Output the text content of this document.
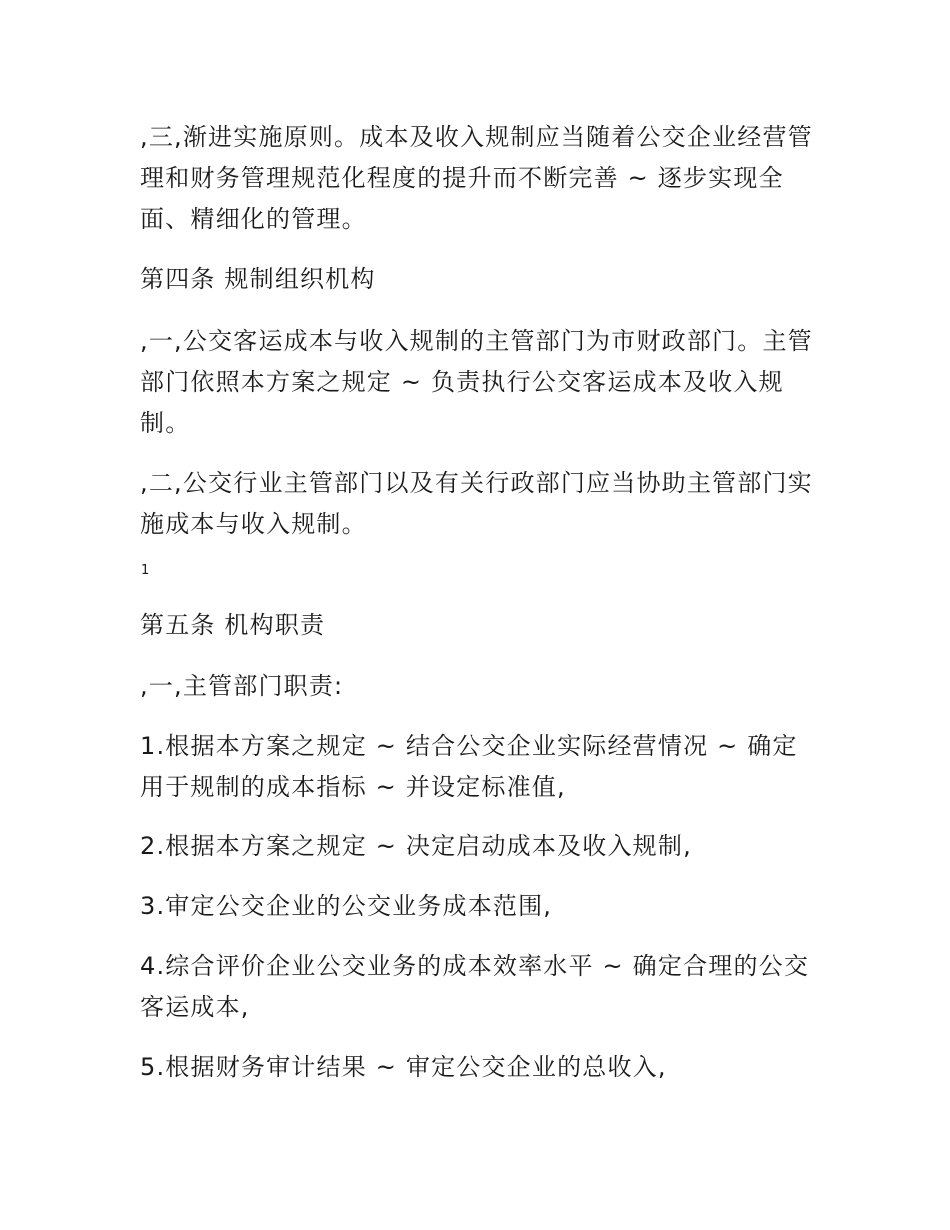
,三,渐进实施原则。成本及收入规制应当随着公交企业经营管理和财务管理规范化程度的提升而不断完善 ~ 逐步实现全面、精细化的管理。

第四条 规制组织机构

,一,公交客运成本与收入规制的主管部门为市财政部门。主管部门依照本方案之规定 ~ 负责执行公交客运成本及收入规制。

,二,公交行业主管部门以及有关行政部门应当协助主管部门实施成本与收入规制。

1

第五条 机构职责

,一,主管部门职责:

1.根据本方案之规定 ~ 结合公交企业实际经营情况 ~ 确定用于规制的成本指标 ~ 并设定标准值,

2.根据本方案之规定 ~ 决定启动成本及收入规制,

3.审定公交企业的公交业务成本范围,

4.综合评价企业公交业务的成本效率水平 ~ 确定合理的公交客运成本,

5.根据财务审计结果 ~ 审定公交企业的总收入,
